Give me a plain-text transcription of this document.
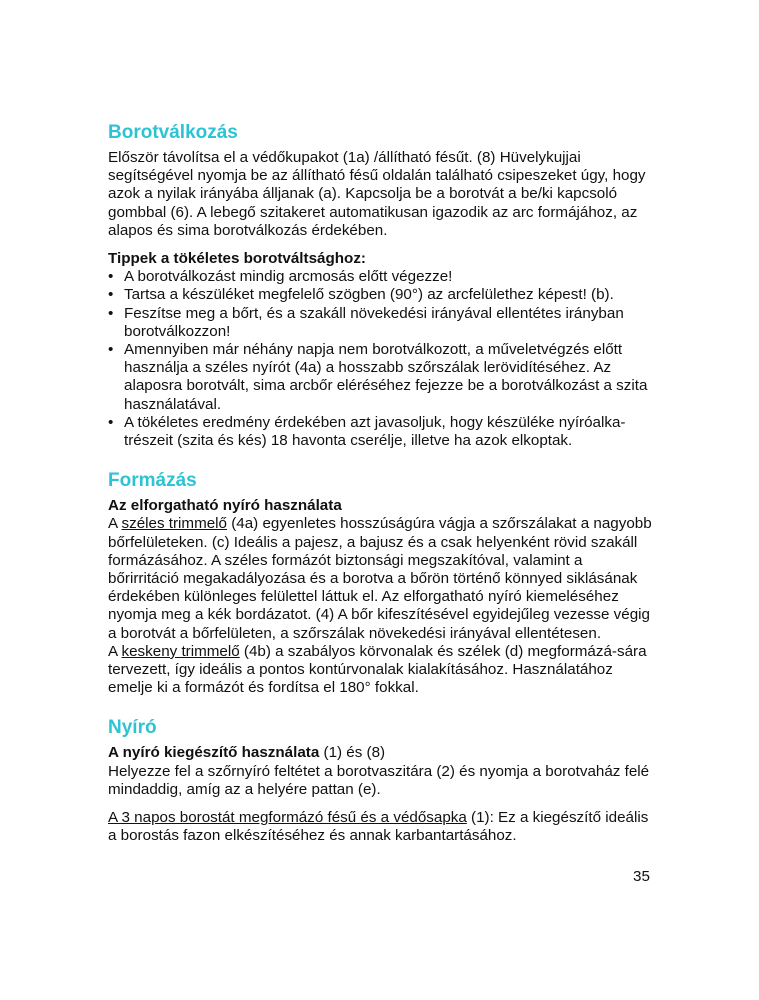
Borotválkozás

Először távolítsa el a védőkupakot (1a) /állítható fésűt. (8) Hüvelykujjai segítségével nyomja be az állítható fésű oldalán található csipeszeket úgy, hogy azok a nyilak irányába álljanak (a). Kapcsolja be a borotvát a be/ki kapcsoló gombbal (6). A lebegő szitakeret automatikusan igazodik az arc formájához, az alapos és sima borotválkozás érdekében.

Tippek a tökéletes borotváltsághoz:

• A borotválkozást mindig arcmosás előtt végezze!
• Tartsa a készüléket megfelelő szögben (90°) az arcfelülethez képest! (b).
• Feszítse meg a bőrt, és a szakáll növekedési irányával ellentétes irányban borotválkozzon!
• Amennyiben már néhány napja nem borotválkozott, a műveletvégzés előtt használja a széles nyírót (4a) a hosszabb szőrszálak lerövidítéséhez. Az alaposra borotvált, sima arcbőr eléréséhez fejezze be a borotválkozást a szita használatával.
• A tökéletes eredmény érdekében azt javasoljuk, hogy készüléke nyíróalka-trészeit (szita és kés) 18 havonta cserélje, illetve ha azok elkoptak.
Formázás

Az elforgatható nyíró használata

A széles trimmelő (4a) egyenletes hosszúságúra vágja a szőrszálakat a nagyobb bőrfelületeken. (c) Ideális a pajesz, a bajusz és a csak helyenként rövid szakáll formázásához. A széles formázót biztonsági megszakítóval, valamint a bőrirritáció megakadályozása és a borotva a bőrön történő könnyed siklásának érdekében különleges felülettel láttuk el. Az elforgatható nyíró kiemeléséhez nyomja meg a kék bordázatot. (4) A bőr kifeszítésével egyidejűleg vezesse végig a borotvát a bőrfelületen, a szőrszálak növekedési irányával ellentétesen.

A keskeny trimmelő (4b) a szabályos körvonalak és szélek (d) megformázá-sára tervezett, így ideális a pontos kontúrvonalak kialakításához. Használatához emelje ki a formázót és fordítsa el 180° fokkal.

Nyíró

A nyíró kiegészítő használata (1) és (8)

Helyezze fel a szőrnyíró feltétet a borotvaszitára (2) és nyomja a borotvaház felé mindaddig, amíg az a helyére pattan (e).

A 3 napos borostát megformázó fésű és a védősapka (1): Ez a kiegészítő ideális a borostás fazon elkészítéséhez és annak karbantartásához.

35
